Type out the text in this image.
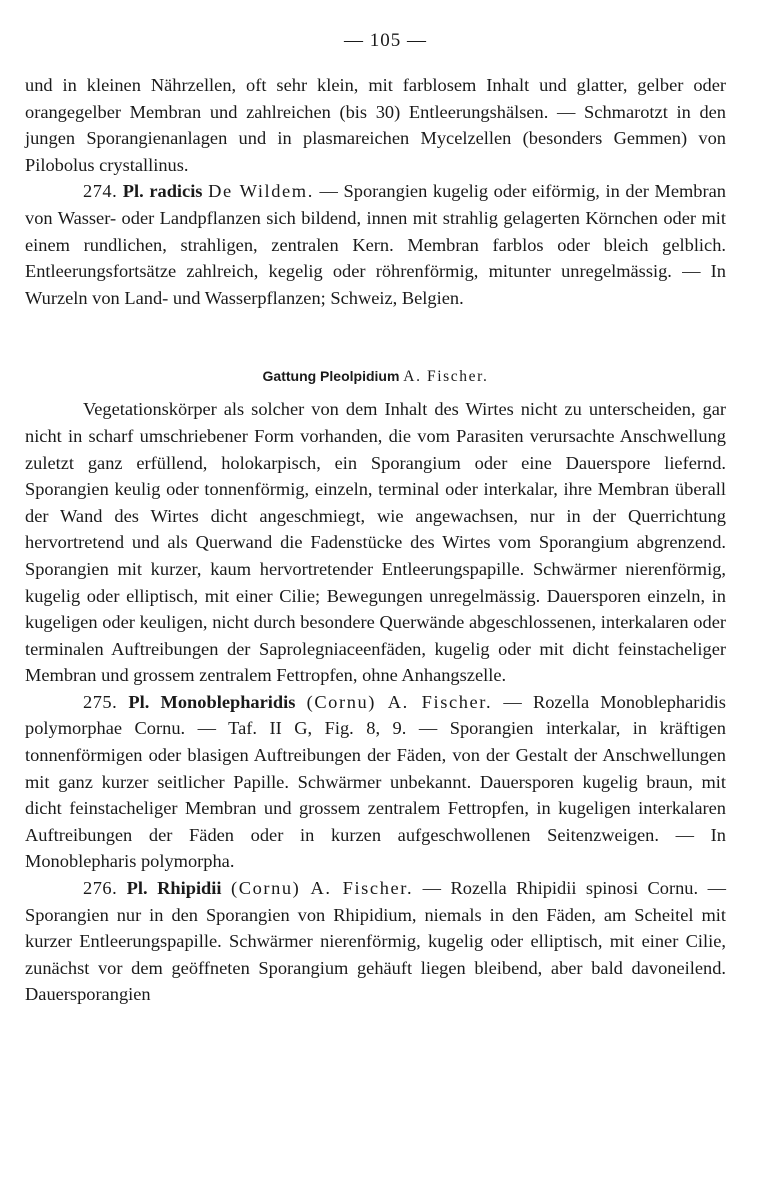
— 105 —

und in kleinen Nährzellen, oft sehr klein, mit farblosem Inhalt und glatter, gelber oder orangegelber Membran und zahlreichen (bis 30) Entleerungshälsen. — Schmarotzt in den jungen Sporangienanlagen und in plasmareichen Mycelzellen (besonders Gemmen) von Pilobolus crystallinus.

274. Pl. radicis De Wildem. — Sporangien kugelig oder eiförmig, in der Membran von Wasser- oder Landpflanzen sich bildend, innen mit strahlig gelagerten Körnchen oder mit einem rundlichen, strahligen, zentralen Kern. Membran farblos oder bleich gelblich. Entleerungsfortsätze zahlreich, kegelig oder röhrenförmig, mitunter unregelmässig. — In Wurzeln von Land- und Wasserpflanzen; Schweiz, Belgien.

Gattung Pleolpidium A. Fischer.

Vegetationskörper als solcher von dem Inhalt des Wirtes nicht zu unterscheiden, gar nicht in scharf umschriebener Form vorhanden, die vom Parasiten verursachte Anschwellung zuletzt ganz erfüllend, holokarpisch, ein Sporangium oder eine Dauerspore liefernd. Sporangien keulig oder tonnenförmig, einzeln, terminal oder interkalar, ihre Membran überall der Wand des Wirtes dicht angeschmiegt, wie angewachsen, nur in der Querrichtung hervortretend und als Querwand die Fadenstücke des Wirtes vom Sporangium abgrenzend. Sporangien mit kurzer, kaum hervortretender Entleerungspapille. Schwärmer nierenförmig, kugelig oder elliptisch, mit einer Cilie; Bewegungen unregelmässig. Dauersporen einzeln, in kugeligen oder keuligen, nicht durch besondere Querwände abgeschlossenen, interkalaren oder terminalen Auftreibungen der Saprolegniaceenfäden, kugelig oder mit dicht feinstacheliger Membran und grossem zentralem Fettropfen, ohne Anhangszelle.

275. Pl. Monoblepharidis (Cornu) A. Fischer. — Rozella Monoblepharidis polymorphae Cornu. — Taf. II G, Fig. 8, 9. — Sporangien interkalar, in kräftigen tonnenförmigen oder blasigen Auftreibungen der Fäden, von der Gestalt der Anschwellungen mit ganz kurzer seitlicher Papille. Schwärmer unbekannt. Dauersporen kugelig braun, mit dicht feinstacheliger Membran und grossem zentralem Fettropfen, in kugeligen interkalaren Auftreibungen der Fäden oder in kurzen aufgeschwollenen Seitenzweigen. — In Monoblepharis polymorpha.

276. Pl. Rhipidii (Cornu) A. Fischer. — Rozella Rhipidii spinosi Cornu. — Sporangien nur in den Sporangien von Rhipidium, niemals in den Fäden, am Scheitel mit kurzer Entleerungspapille. Schwärmer nierenförmig, kugelig oder elliptisch, mit einer Cilie, zunächst vor dem geöffneten Sporangium gehäuft liegen bleibend, aber bald davoneilend. Dauersporangien
